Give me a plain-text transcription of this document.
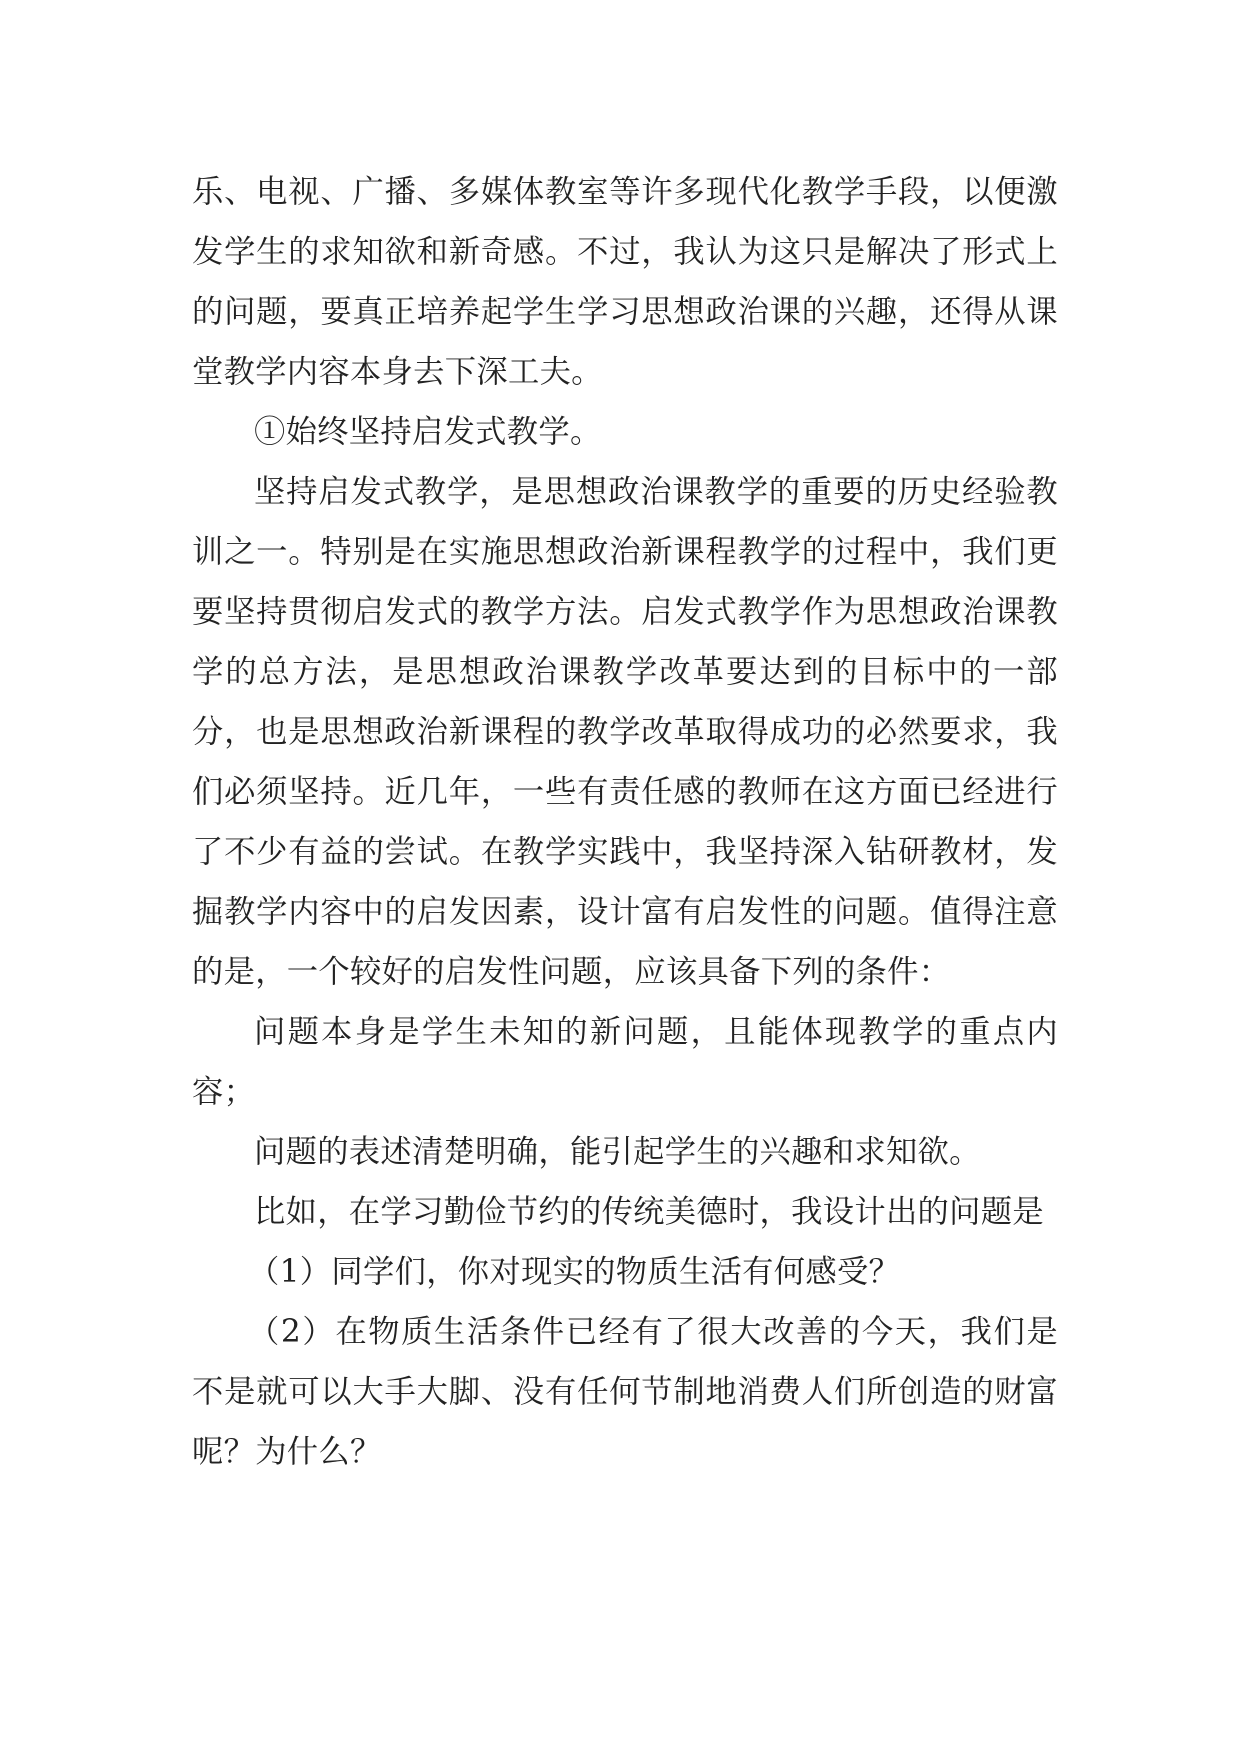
乐、电视、广播、多媒体教室等许多现代化教学手段，以便激发学生的求知欲和新奇感。不过，我认为这只是解决了形式上的问题，要真正培养起学生学习思想政治课的兴趣，还得从课堂教学内容本身去下深工夫。

①始终坚持启发式教学。

坚持启发式教学，是思想政治课教学的重要的历史经验教训之一。特别是在实施思想政治新课程教学的过程中，我们更要坚持贯彻启发式的教学方法。启发式教学作为思想政治课教学的总方法，是思想政治课教学改革要达到的目标中的一部分，也是思想政治新课程的教学改革取得成功的必然要求，我们必须坚持。近几年，一些有责任感的教师在这方面已经进行了不少有益的尝试。在教学实践中，我坚持深入钻研教材，发掘教学内容中的启发因素，设计富有启发性的问题。值得注意的是，一个较好的启发性问题，应该具备下列的条件：

问题本身是学生未知的新问题，且能体现教学的重点内容；

问题的表述清楚明确，能引起学生的兴趣和求知欲。

比如，在学习勤俭节约的传统美德时，我设计出的问题是

（1）同学们，你对现实的物质生活有何感受？

（2）在物质生活条件已经有了很大改善的今天，我们是不是就可以大手大脚、没有任何节制地消费人们所创造的财富呢？为什么？
